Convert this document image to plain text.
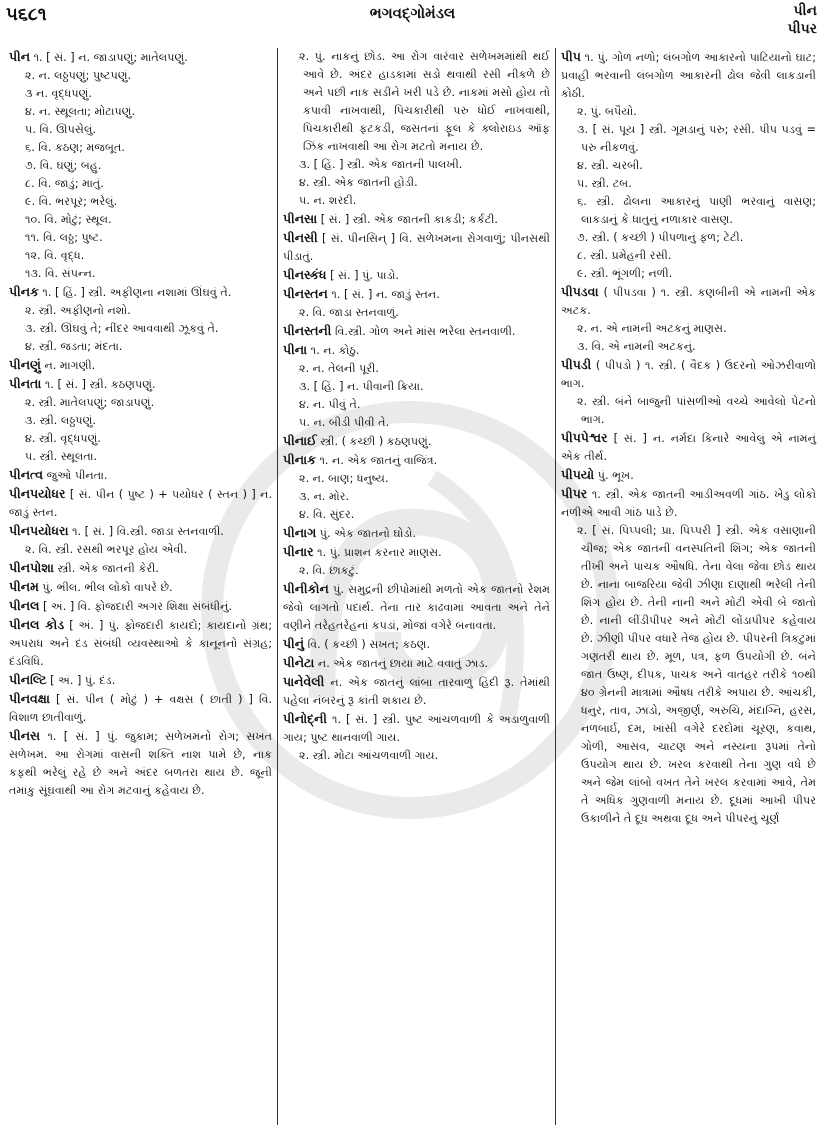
૫૬૮૧	ભગવદ્ગોમંડલ	પીન
પીપર
પીન ૧. [ સં. ] ન. જાડાપણું; માતેલપણું.
૨. ન. લઠ્ઠપણું; પુષ્ટપણું.
૩ ન. વૃદ્ધપણું.
૪. ન. સ્થૂલતા; મોટાપણું.
૫. વિ. ઊપસેલું.
૬. વિ. કઠણ; મજબૂત.
૭. વિ. ઘણું; બહુ.
૮. વિ. જાડું; માતું.
૯. વિ. ભરપૂર; ભરેલું.
૧૦. વિ. મોટું; સ્થૂલ.
૧૧. વિ. લઠ્ઠ; પુષ્ટ.
૧૨. વિ. વૃદ્ધ.
૧૩. વિ. સંપન્ન.
પીનક ૧. [ હિં. ] સ્ત્રી. અફીણના નશામાં ઊંઘવું તે.
૨. સ્ત્રી. અફીણનો નશો.
૩. સ્ત્રી. ઊંઘવું તે; નીંદર આવવાથી ઝૂકવું તે.
૪. સ્ત્રી. જડતા; મંદતા.
પીનણું ન. માગણી.
પીનતા ૧. [ સં. ] સ્ત્રી. કઠણપણું.
૨. સ્ત્રી. માતેલપણું; જાડાપણું.
૩. સ્ત્રી. લઠ્ઠપણું.
૪. સ્ત્રી. વૃદ્ધપણું.
૫. સ્ત્રી. સ્થૂલતા.
પીનત્વ જુઓ પીનતા.
પીનપયોધર [ સં. પીન ( પુષ્ટ ) + પયોધર ( સ્તન ) ] ન. જાડું સ્તન.
પીનપયોધરા ૧. [ સં. ] વિ.સ્ત્રી. જાડા સ્તનવાળી.
૨. વિ. સ્ત્રી. રસથી ભરપૂર હોય એવી.
પીનપોશા સ્ત્રી. એક જાતની કેરી.
પીનમ પું. ભીલ. ભીલ લોકો વાપરે છે.
પીનલ [ અં. ] વિ. ફોજદારી અગર શિક્ષા સંબંધીનું.
પીનલ કોડ [ અં. ] પું. ફોજદારી કાયદો; કાયદાનો ગ્રંથ; અપરાધ અને દંડ સંબંધી વ્યવસ્થાઓ કે કાનૂનનો સંગ્રહ; દંડવિધિ.
પીનલ્ટિ [ અં. ] પું. દંડ.
પીનવક્ષા [ સં. પીન ( મોટું ) + વક્ષસ ( છાતી ) ] વિ. વિશાળ છાતીવાળું.
પીનસ ૧. [ સં. ] પું. જુકામ; સળેખમનો રોગ; સખત સળેખમ. આ રોગમાં વાસની શક્તિ નાશ પામે છે, નાક કફથી ભરેલું રહે છે અને અંદર બળતરા થાય છે. જૂની તમાકુ સૂંઘવાથી આ રોગ મટવાનું કહેવાય છે.
૨. પું. નાકનું છોડ. આ રોગ વારંવાર સળેખમમાંથી થઈ આવે છે. અંદર હાડકામાં સડો થવાથી રસી નીકળે છે અને પછી નાક સડીને ખરી પડે છે. નાકમાં મસો હોય તો કપાવી નાખવાથી, પિચકારીથી પરુ ધોઈ નાખવાથી, પિચકારીથી ફટકડી, જસતનાં ફૂલ કે ક્લોરાઇડ ઑફ ઝિંક નાખવાથી આ રોગ મટતો મનાય છે.
૩. [ હિં. ] સ્ત્રી. એક જાતની પાલખી.
૪. સ્ત્રી. એક જાતની હોડી.
૫. ન. શરદી.
પીનસા [ સં. ] સ્ત્રી. એક જાતની કાકડી; કર્કટી.
પીનસી [ સં. પીનસિન્ ] વિ. સળેખમના રોગવાળું; પીનસથી પીડાતું.
પીનસ્કંધ [ સં. ] પું. પાડો.
પીનસ્તન ૧. [ સં. ] ન. જાડું સ્તન.
૨. વિ. જાડા સ્તનવાળું.
પીનસ્તની વિ.સ્ત્રી. ગોળ અને માંસ ભરેલા સ્તનવાળી.
પીના ૧. ન. કોઠું.
૨. ન. તેલની પૂરી.
૩. [ હિં. ] ન. પીવાની ક્રિયા.
૪. ન. પીવું તે.
૫. ન. બીડી પીવી તે.
પીનાઈ સ્ત્રી. ( કચ્છી ) કઠણપણું.
પીનાક ૧. ન. એક જાતનું વાજિંત્ર.
૨. ન. બાણ; ધનુષ્ય.
૩. ન. મોર.
૪. વિ. સુંદર.
પીનાગ પું. એક જાતનો ઘોડો.
પીનાર ૧. પું. પ્રાશન કરનાર માણસ.
૨. વિ. છાકટું.
પીનીકોન પું. સમુદ્રની છીપોમાંથી મળતો એક જાતનો રેશમ જેવો લાગતો પદાર્થ. તેના તાર કાઢવામાં આવતા અને તેને વણીને તરેહતરેહનાં કપડાં, મોજાં વગેરે બનાવતા.
પીનું વિ. ( કચ્છી ) સખત; કઠણ.
પીનેટા ન. એક જાતનું છાયા માટે વવાતું ઝાડ.
પાનેવેલી ન. એક જાતનું લાંબા તારવાળું હિંદી રૂ. તેમાંથી પહેલા નંબરનું રૂ કાંતી શકાય છે.
પીનોદ્ની ૧. [ સં. ] સ્ત્રી. પુષ્ટ આંચળવાળી કે અડાળુવાળી ગાય; પુષ્ટ થાનવાળી ગાય.
૨. સ્ત્રી. મોટા આંચળવાળી ગાય.
પીપ ૧. પું. ગોળ નળો; લંબગોળ આકારનો પાટિયાનો ઘાટ; પ્રવાહી ભરવાની લંબગોળ આકારની ઢોલ જેવી લાકડાની કોઠી.
૨. પું. બપૈયો.
૩. [ સં. પૂય ] સ્ત્રી. ગૂમડાનું પરુ; રસી. પીપ પડવું = પરુ નીકળવું.
૪. સ્ત્રી. ચરબી.
૫. સ્ત્રી. ટબ.
૬. સ્ત્રી. ઢોલના આકારનું પાણી ભરવાનું વાસણ; લાકડાનું કે ધાતુનું નળાકાર વાસણ.
૭. સ્ત્રી. ( કચ્છી ) પીપળાનું ફળ; ટેટી.
૮. સ્ત્રી. પ્રમેહની રસી.
૯. સ્ત્રી. ભૂંગળી; નળી.
પીપડવા ( પીપડવા ) ૧. સ્ત્રી. કણબીની એ નામની એક અટક.
૨. ન. એ નામની અટકનું માણસ.
૩. વિ. એ નામની અટકનું.
પીપડી ( પીપડો ) ૧. સ્ત્રી. ( વૈદક ) ઉદરનો ઓઝરીવાળો ભાગ.
૨. સ્ત્રી. બંને બાજુની પાંસળીઓ વચ્ચે આવેલો પેટનો ભાગ.
પીપપેશ્વર [ સં. ] ન. નર્મદા કિનારે આવેલું એ નામનું એક તીર્થ.
પીપયો પું. ભૂખ.
પીપર ૧. સ્ત્રી. એક જાતની આડીઅવળી ગાંઠ. ખેડુ લોકો નળીએ આવી ગાંઠ પાડે છે.
૨. [ સં. પિપ્પલી; પ્રા. પિપ્પરી ] સ્ત્રી. એક વસાણાની ચીજ; એક જાતની વનસ્પતિની શિંગ; એક જાતની તીખી અને પાચક ઔષધિ. તેના વેલા જેવા છોડ થાય છે. નાના બાજરિયા જેવી ઝીણા દાણાથી ભરેલી તેની શિંગ હોય છે. તેની નાની અને મોટી એવી બે જાતો છે. નાની લીંડીપીપર અને મોટી લોંડાપીપર કહેવાય છે. ઝીણી પીપર વધારે તેજ હોય છે. પીપરની ત્રિકટુમાં ગણતરી થાય છે. મૂળ, પત્ર, ફળ ઉપયોગી છે. બંને જાત ઉષ્ણ, દીપક, પાચક અને વાતહર તરીકે ૧૦થી ૪૦ ગ્રેનની માત્રામાં ઔષધ તરીકે અપાય છે. આંચકી, ધનુર, તાવ, ઝાડો, અજીર્ણ, અરુચિ, મંદાગ્નિ, હરસ, નળબાર્ઇ, દમ, ખાંસી વગેરે દરદોમાં ચૂરણ, કવાથ, ગોળી, આસવ, ચાટણ અને નસ્યના રૂપમાં તેનો ઉપયોગ થાય છે. ખરલ કરવાથી તેના ગુણ વધે છે અને જેમ લાંબો વખત તેને ખરલ કરવામાં આવે, તેમ તે અધિક ગુણવાળી મનાય છે. દૂધમાં આખી પીપર ઉકાળીને તે દૂધ અથવા દૂધ અને પીપરનું ચૂર્ણ
